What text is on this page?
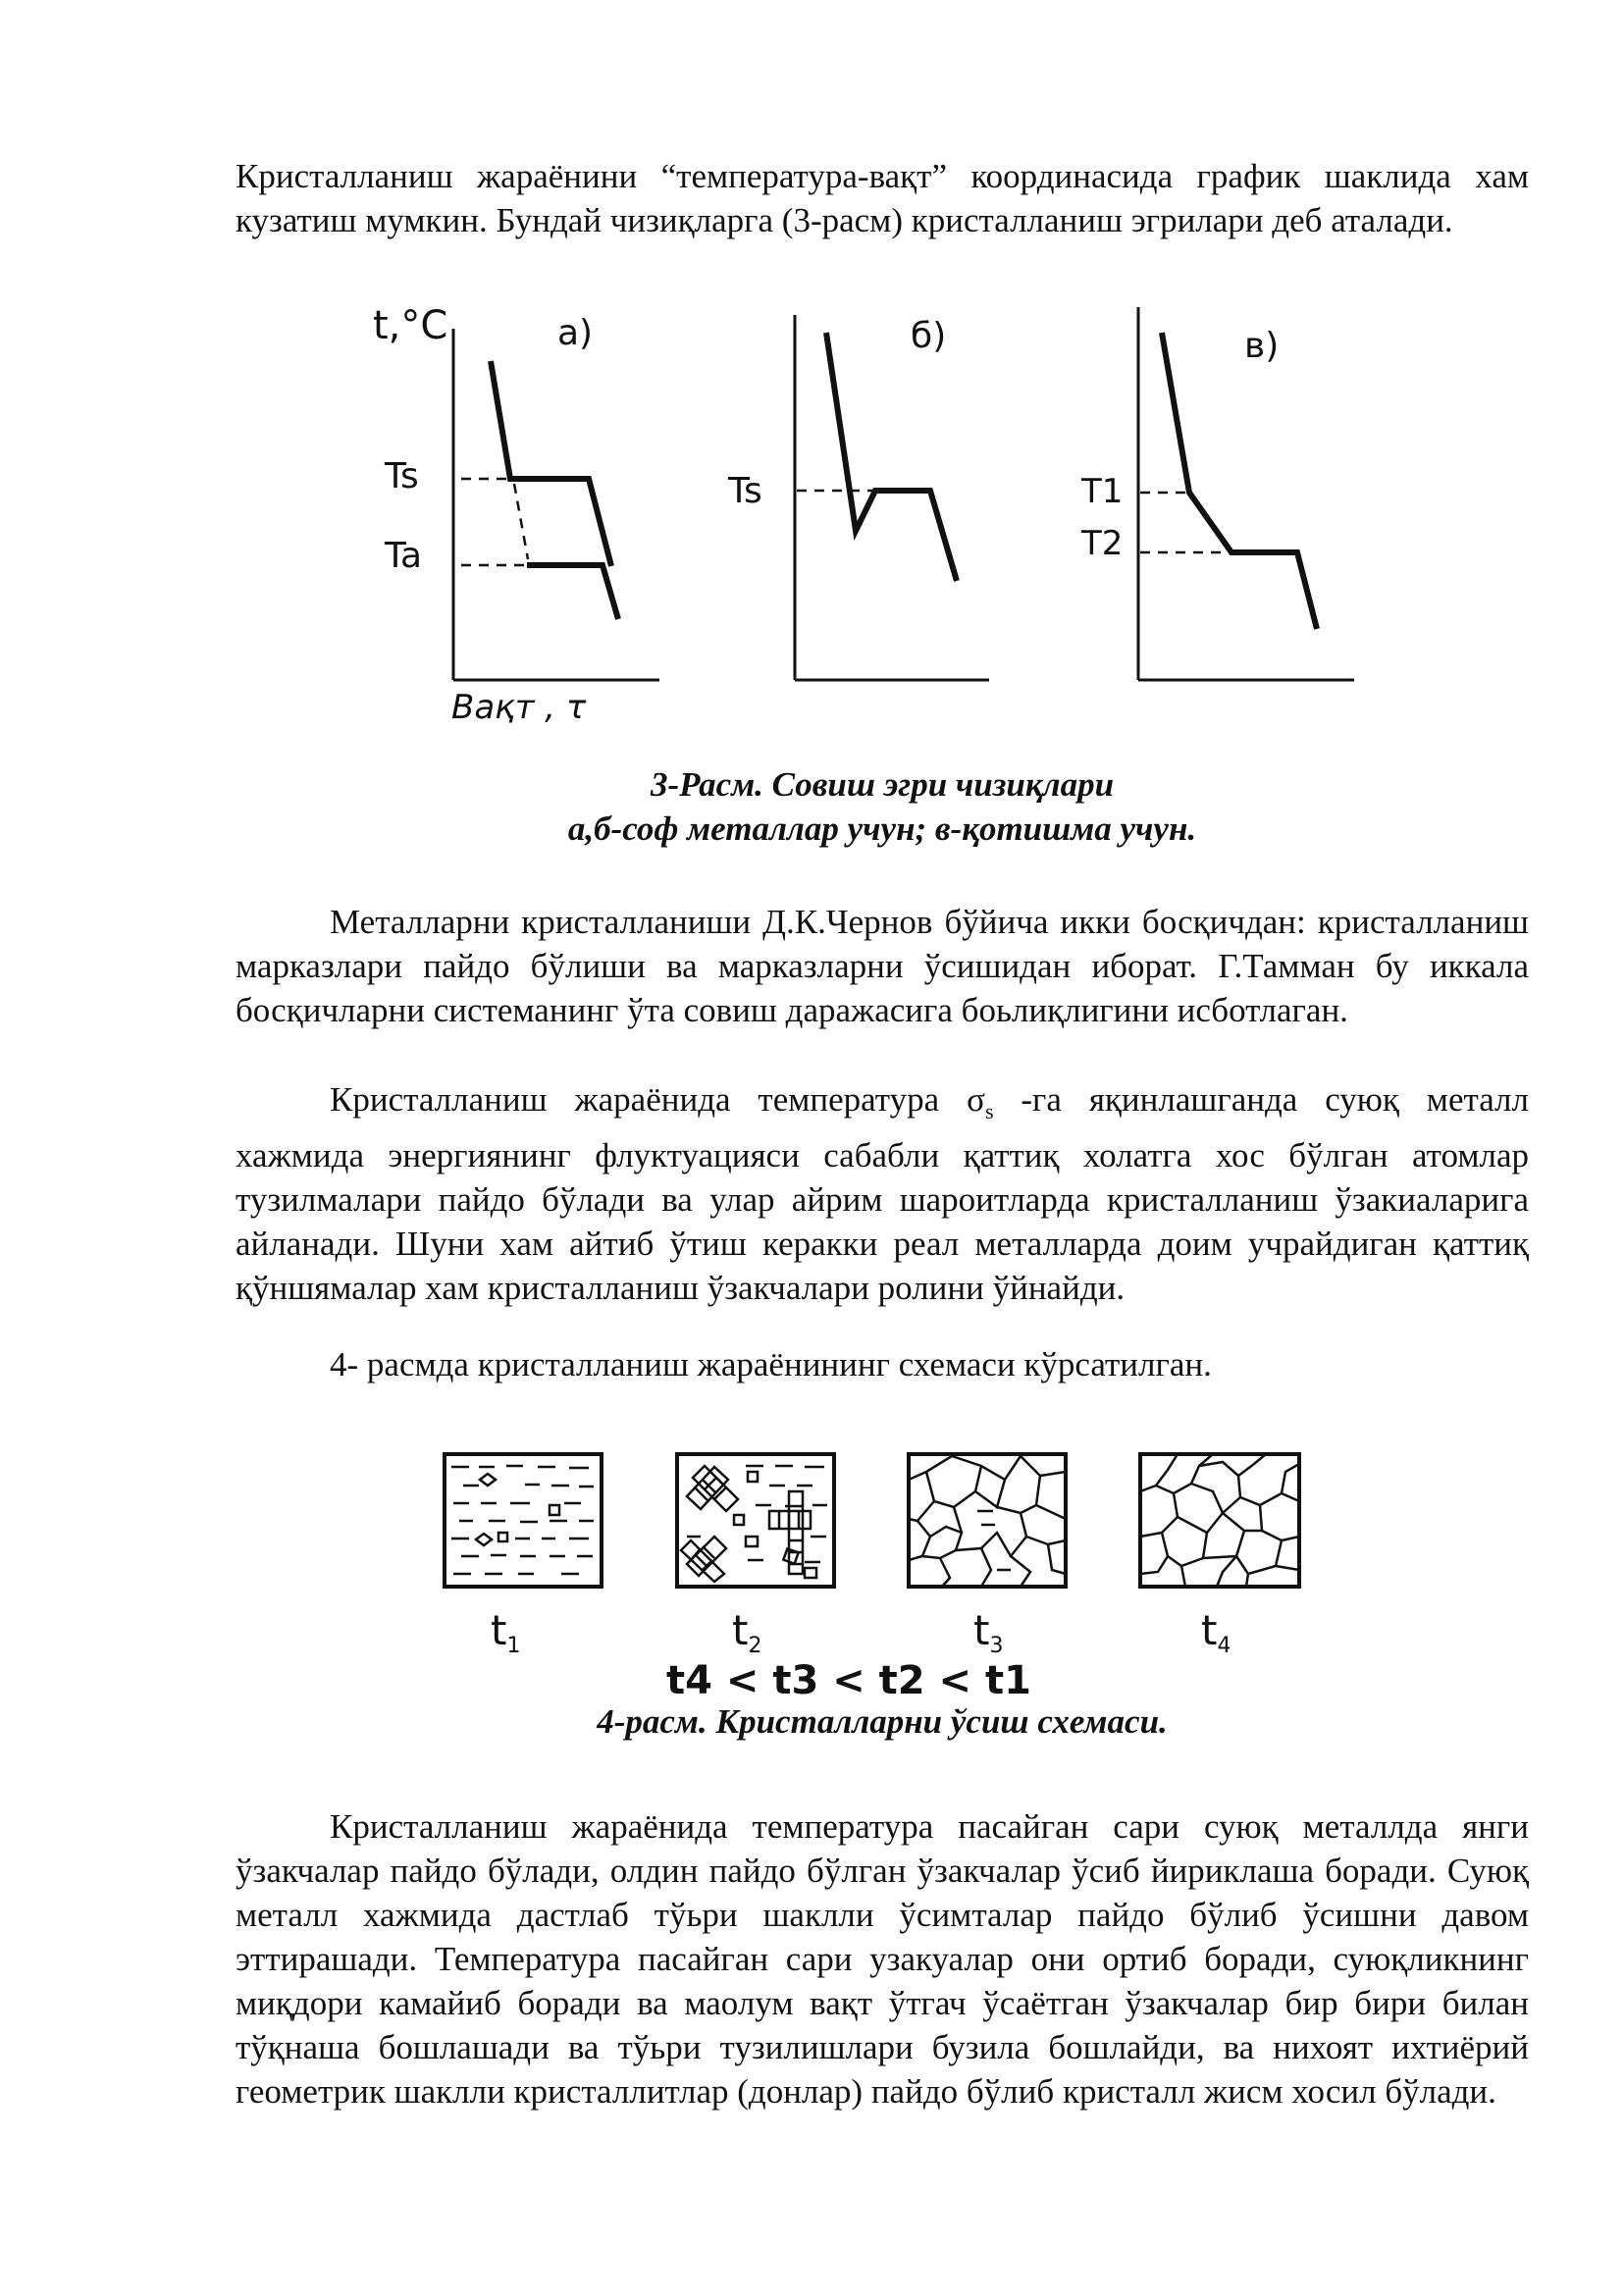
Кристалланиш жараёнини “температура-вақт” координасида график шаклида хам кузатиш мумкин. Бундай чизиқларга (3-расм) кристалланиш эгрилари деб аталади.

t,°C	а)
Ts
Ta
Вақт , τ
б)
Ts
в)
T1
T2
3-Расм. Совиш эгри чизиқлари
а,б-соф металлар учун; в-қотишма учун.

Металларни кристалланиши Д.К.Чернов бўйича икки босқичдан: кристалланиш марказлари пайдо бўлиши ва марказларни ўсишидан иборат. Г.Тамман бу иккала босқичларни системанинг ўта совиш даражасига боьлиқлигини исботлаган.

Кристалланиш жараёнида температура $\sigma_s$ -га яқинлашганда суюқ металл хажмида энергиянинг флуктуацияси сабабли қаттиқ холатга хос бўлган атомлар тузилмалари пайдо бўлади ва улар айрим шароитларда кристалланиш ўзакиаларига айланади. Шуни хам айтиб ўтиш керакки реал металларда доим учрайдиган қаттиқ қўншямалар хам кристалланиш ўзакчалари ролини ўйнайди.

4- расмда кристалланиш жараёнининг схемаси кўрсатилган.

t1	t2	t3	t4
t4 < t3 < t2 < t1
4-расм. Кристалларни ўсиш схемаси.

Кристалланиш жараёнида температура пасайган сари суюқ металлда янги ўзакчалар пайдо бўлади, олдин пайдо бўлган ўзакчалар ўсиб йириклаша боради. Суюқ металл хажмида дастлаб тўьри шаклли ўсимталар пайдо бўлиб ўсишни давом эттирашади. Температура пасайган сари узакуалар они ортиб боради, суюқликнинг миқдори камайиб боради ва маолум вақт ўтгач ўсаётган ўзакчалар бир бири билан тўқнаша бошлашади ва тўьри тузилишлари бузила бошлайди, ва нихоят ихтиёрий геометрик шаклли кристаллитлар (донлар) пайдо бўлиб кристалл жисм хосил бўлади.
